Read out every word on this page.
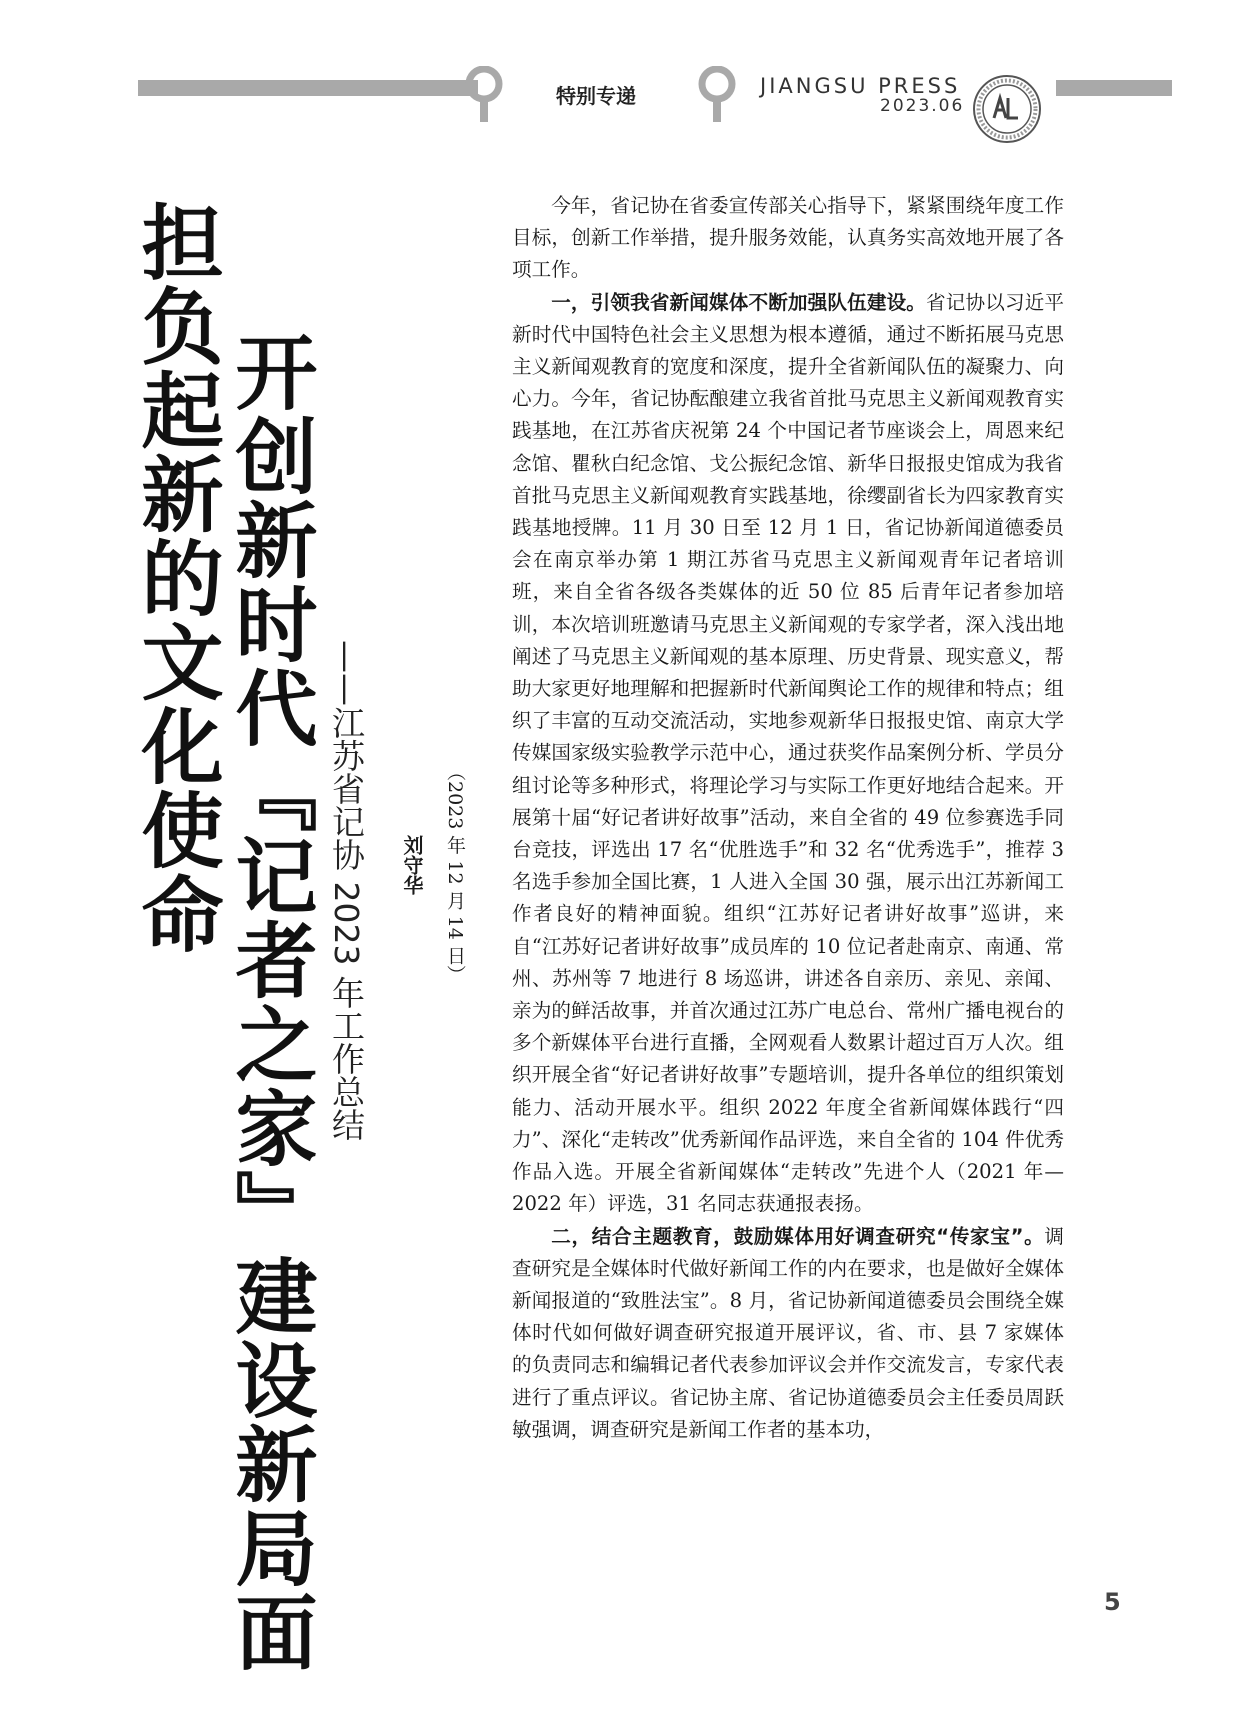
特别专递	JIANGSU PRESS
2023.06
担负起新的文化使命 开创新时代『记者之家』建设新局面 ——江苏省记协 2023 年工作总结 刘守华 （2023 年 12 月 14 日）

今年，省记协在省委宣传部关心指导下，紧紧围绕年度工作目标，创新工作举措，提升服务效能，认真务实高效地开展了各项工作。

一，引领我省新闻媒体不断加强队伍建设。省记协以习近平新时代中国特色社会主义思想为根本遵循，通过不断拓展马克思主义新闻观教育的宽度和深度，提升全省新闻队伍的凝聚力、向心力。今年，省记协酝酿建立我省首批马克思主义新闻观教育实践基地，在江苏省庆祝第 24 个中国记者节座谈会上，周恩来纪念馆、瞿秋白纪念馆、戈公振纪念馆、新华日报报史馆成为我省首批马克思主义新闻观教育实践基地，徐缨副省长为四家教育实践基地授牌。11 月 30 日至 12 月 1 日，省记协新闻道德委员会在南京举办第 1 期江苏省马克思主义新闻观青年记者培训班，来自全省各级各类媒体的近 50 位 85 后青年记者参加培训，本次培训班邀请马克思主义新闻观的专家学者，深入浅出地阐述了马克思主义新闻观的基本原理、历史背景、现实意义，帮助大家更好地理解和把握新时代新闻舆论工作的规律和特点；组织了丰富的互动交流活动，实地参观新华日报报史馆、南京大学传媒国家级实验教学示范中心，通过获奖作品案例分析、学员分组讨论等多种形式，将理论学习与实际工作更好地结合起来。开展第十届“好记者讲好故事”活动，来自全省的 49 位参赛选手同台竞技，评选出 17 名“优胜选手”和 32 名“优秀选手”，推荐 3 名选手参加全国比赛，1 人进入全国 30 强，展示出江苏新闻工作者良好的精神面貌。组织“江苏好记者讲好故事”巡讲，来自“江苏好记者讲好故事”成员库的 10 位记者赴南京、南通、常州、苏州等 7 地进行 8 场巡讲，讲述各自亲历、亲见、亲闻、亲为的鲜活故事，并首次通过江苏广电总台、常州广播电视台的多个新媒体平台进行直播，全网观看人数累计超过百万人次。组织开展全省“好记者讲好故事”专题培训，提升各单位的组织策划能力、活动开展水平。组织 2022 年度全省新闻媒体践行“四力”、深化“走转改”优秀新闻作品评选，来自全省的 104 件优秀作品入选。开展全省新闻媒体“走转改”先进个人（2021 年—2022 年）评选，31 名同志获通报表扬。

二，结合主题教育，鼓励媒体用好调查研究“传家宝”。调查研究是全媒体时代做好新闻工作的内在要求，也是做好全媒体新闻报道的“致胜法宝”。8 月，省记协新闻道德委员会围绕全媒体时代如何做好调查研究报道开展评议，省、市、县 7 家媒体的负责同志和编辑记者代表参加评议会并作交流发言，专家代表进行了重点评议。省记协主席、省记协道德委员会主任委员周跃敏强调，调查研究是新闻工作者的基本功，

5
